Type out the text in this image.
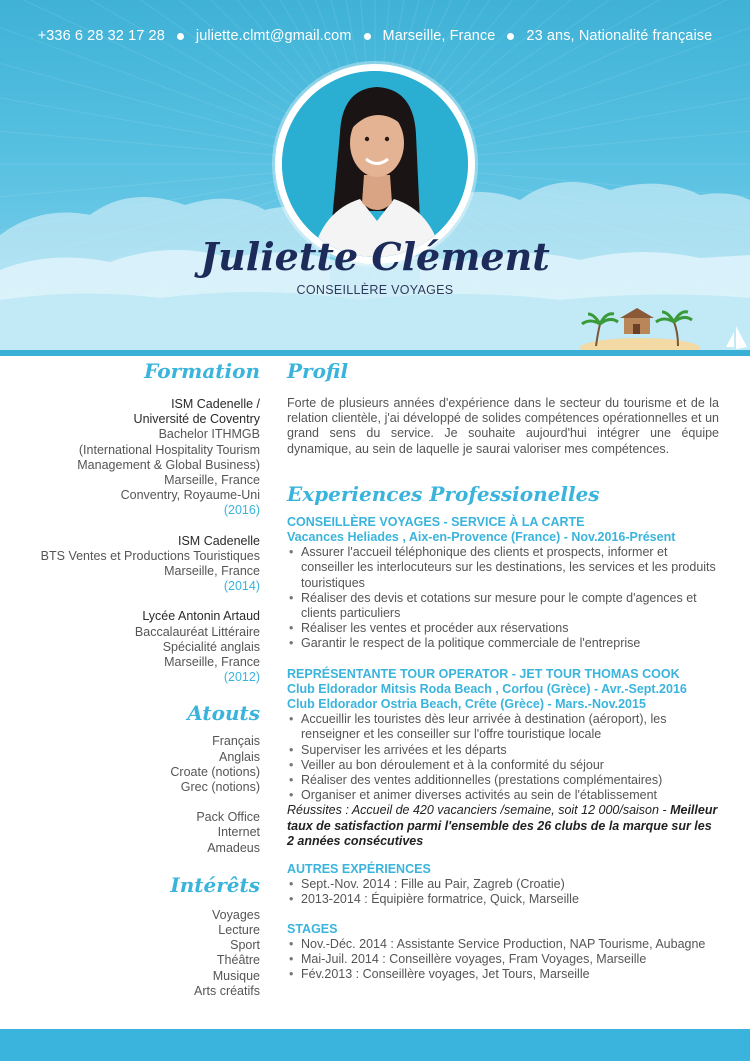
+336 6 28 32 17 28 juliette.clmt@gmail.com Marseille, France 23 ans, Nationalité française
Juliette Clément
CONSEILLÈRE VOYAGES
Formation
ISM Cadenelle /
Université de Coventry
Bachelor ITHMGB
(International Hospitality Tourism
Management & Global Business)
Marseille, France
Conventry, Royaume-Uni
(2016)
ISM Cadenelle
BTS Ventes et Productions Touristiques
Marseille, France
(2014)
Lycée Antonin Artaud
Baccalauréat Littéraire
Spécialité anglais
Marseille, France
(2012)
Atouts
Français
Anglais
Croate (notions)
Grec (notions)
Pack Office
Internet
Amadeus
Intérêts
Voyages
Lecture
Sport
Théâtre
Musique
Arts créatifs
Profil
Forte de plusieurs années d'expérience dans le secteur du tourisme et de la relation clientèle, j'ai développé de solides compétences opérationnelles et un grand sens du service. Je souhaite aujourd'hui intégrer une équipe dynamique, au sein de laquelle je saurai valoriser mes compétences.
Experiences Professionelles
CONSEILLÈRE VOYAGES - SERVICE À LA CARTE
Vacances Heliades , Aix-en-Provence (France) - Nov.2016-Présent
• Assurer l'accueil téléphonique des clients et prospects, informer et conseiller les interlocuteurs sur les destinations, les services et les produits touristiques
• Réaliser des devis et cotations sur mesure pour le compte d'agences et clients particuliers
• Réaliser les ventes et procéder aux réservations
• Garantir le respect de la politique commerciale de l'entreprise
REPRÉSENTANTE TOUR OPERATOR - JET TOUR THOMAS COOK
Club Eldorador Mitsis Roda Beach , Corfou (Grèce) - Avr.-Sept.2016
Club Eldorador Ostria Beach, Crête (Grèce) - Mars.-Nov.2015
• Accueillir les touristes dès leur arrivée à destination (aéroport), les renseigner et les conseiller sur l'offre touristique locale
• Superviser les arrivées et les départs
• Veiller au bon déroulement et à la conformité du séjour
• Réaliser des ventes additionnelles (prestations complémentaires)
• Organiser et animer diverses activités au sein de l'établissement
Réussites : Accueil de 420 vacanciers /semaine, soit 12 000/saison - Meilleur taux de satisfaction parmi l'ensemble des 26 clubs de la marque sur les 2 années consécutives
AUTRES EXPÉRIENCES
• Sept.-Nov. 2014 : Fille au Pair, Zagreb (Croatie)
• 2013-2014 : Équipière formatrice, Quick, Marseille
STAGES
• Nov.-Déc. 2014 : Assistante Service Production, NAP Tourisme, Aubagne
• Mai-Juil. 2014 : Conseillère voyages, Fram Voyages, Marseille
• Fév.2013 : Conseillère voyages, Jet Tours, Marseille
